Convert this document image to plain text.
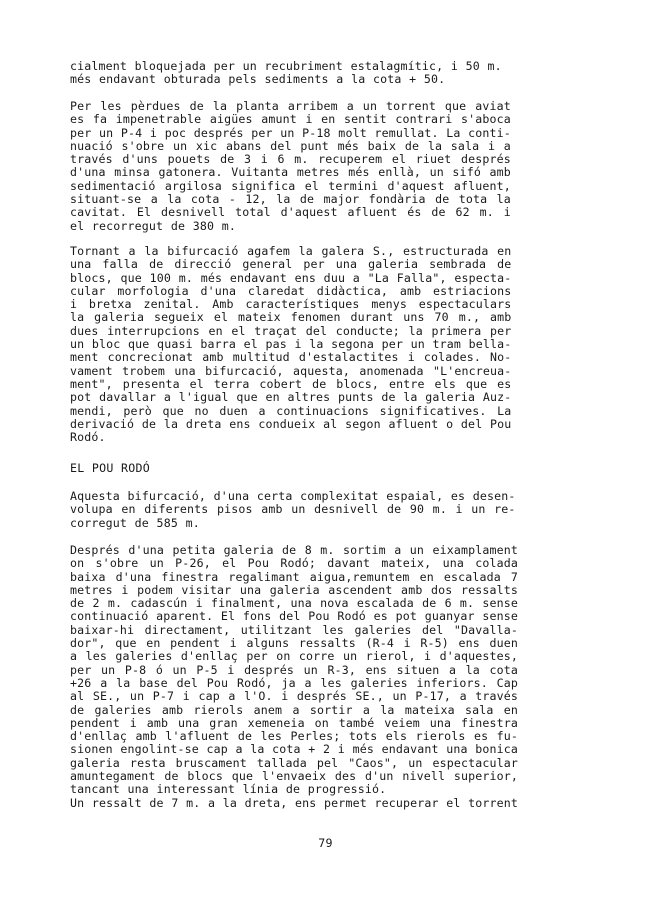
cialment bloquejada per un recubriment estalagmític, i 50 m.
més endavant obturada pels sediments a la cota + 50.
Per les pèrdues de la planta arribem a un torrent que aviat
es fa impenetrable aigües amunt i en sentit contrari s'aboca
per un P-4 i poc després per un P-18 molt remullat. La conti-
nuació s'obre un xic abans del punt més baix de la sala i a
través d'uns pouets de 3 i 6 m. recuperem el riuet després
d'una minsa gatonera. Vuitanta metres més enllà, un sifó amb
sedimentació argilosa significa el termini d'aquest afluent,
situant-se a la cota - 12, la de major fondària de tota la
cavitat. El desnivell total d'aquest afluent és de 62 m. i
el recorregut de 380 m.
Tornant a la bifurcació agafem la galera S., estructurada en
una falla de direcció general per una galeria sembrada de
blocs, que 100 m. més endavant ens duu a "La Falla", especta-
cular morfologia d'una claredat didàctica, amb estriacions
i bretxa zenital. Amb característiques menys espectaculars
la galeria segueix el mateix fenomen durant uns 70 m., amb
dues interrupcions en el traçat del conducte; la primera per
un bloc que quasi barra el pas i la segona per un tram bella-
ment concrecionat amb multitud d'estalactites i colades. No-
vament trobem una bifurcació, aquesta, anomenada "L'encreua-
ment", presenta el terra cobert de blocs, entre els que es
pot davallar a l'igual que en altres punts de la galeria Auz-
mendi, però que no duen a continuacions significatives. La
derivació de la dreta ens condueix al segon afluent o del Pou
Rodó.
EL POU RODÓ
Aquesta bifurcació, d'una certa complexitat espaial, es desen-
volupa en diferents pisos amb un desnivell de 90 m. i un re-
corregut de 585 m.
Després d'una petita galeria de 8 m. sortim a un eixamplament
on s'obre un P-26, el Pou Rodó; davant mateix, una colada
baixa d'una finestra regalimant aigua,remuntem en escalada 7
metres i podem visitar una galeria ascendent amb dos ressalts
de 2 m. cadascún i finalment, una nova escalada de 6 m. sense
continuació aparent. El fons del Pou Rodó es pot guanyar sense
baixar-hi directament, utilitzant les galeries del "Davalla-
dor", que en pendent i alguns ressalts (R-4 i R-5) ens duen
a les galeries d'enllaç per on corre un rierol, i d'aquestes,
per un P-8 ó un P-5 i després un R-3, ens situen a la cota
+26 a la base del Pou Rodó, ja a les galeries inferiors. Cap
al SE., un P-7 i cap a l'O. i després SE., un P-17, a través
de galeries amb rierols anem a sortir a la mateixa sala en
pendent i amb una gran xemeneia on també veiem una finestra
d'enllaç amb l'afluent de les Perles; tots els rierols es fu-
sionen engolint-se cap a la cota + 2 i més endavant una bonica
galeria resta bruscament tallada pel "Caos", un espectacular
amuntegament de blocs que l'envaeix des d'un nivell superior,
tancant una interessant línia de progressió.
Un ressalt de 7 m. a la dreta, ens permet recuperar el torrent
79
